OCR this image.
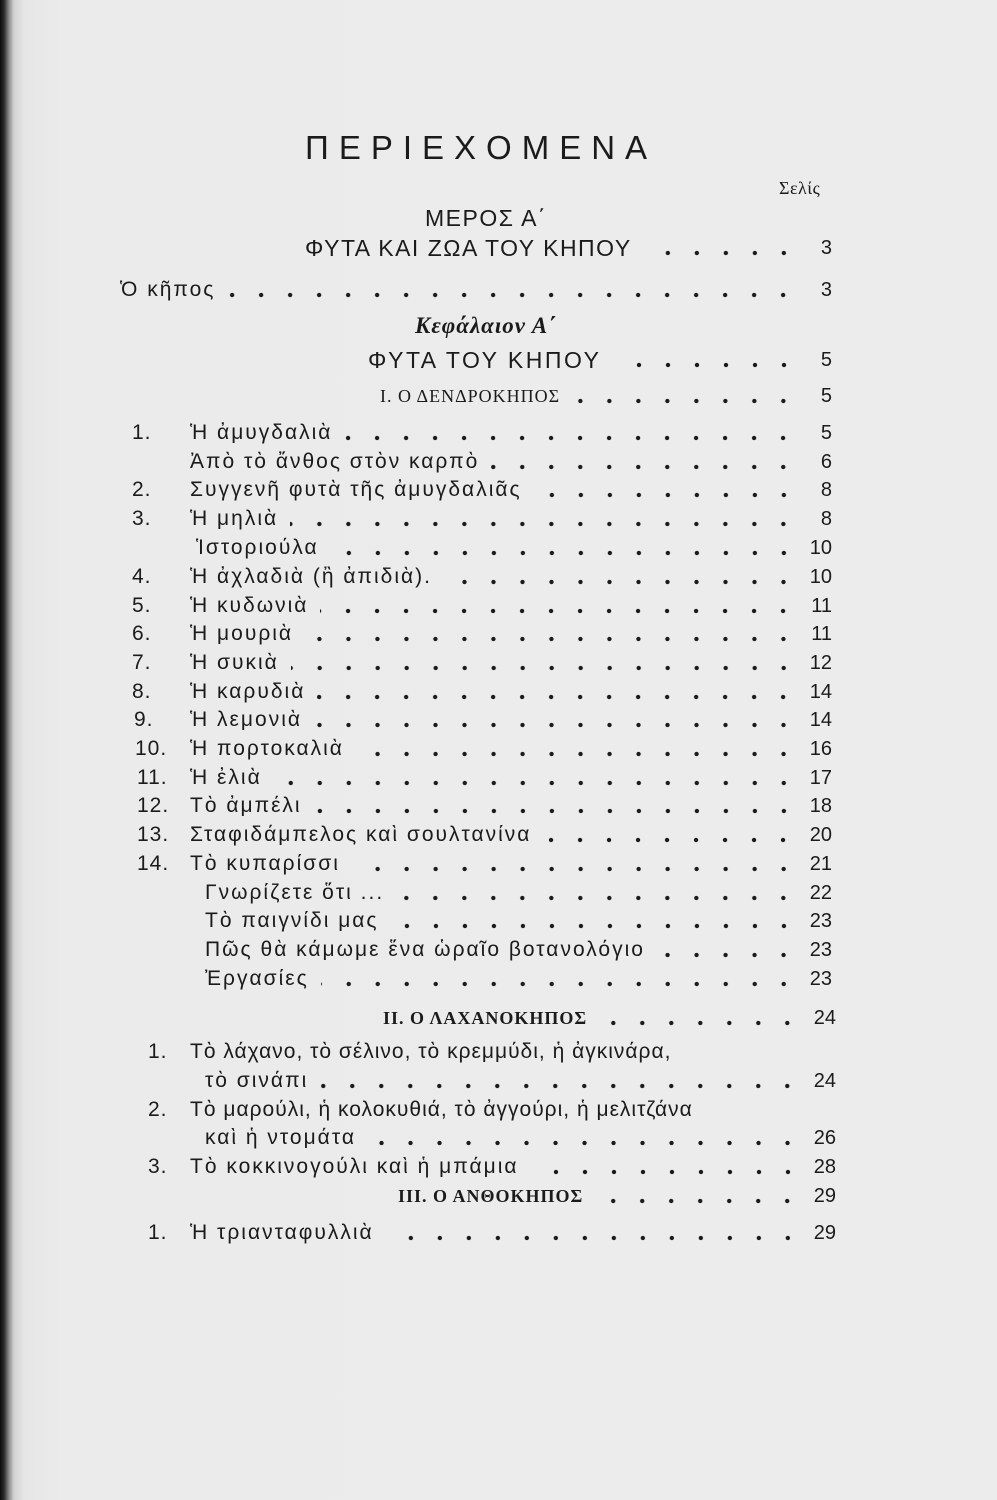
ΠΕΡΙΕΧΟΜΕΝΑ
Σελίς
ΜΕΡΟΣ Α΄
ΦΥΤΑ ΚΑΙ ΖΩΑ ΤΟΥ ΚΗΠΟΥ	3
Ὁ κῆπος	3
Κεφάλαιον Α΄
ΦΥΤΑ ΤΟΥ ΚΗΠΟΥ	5
I. Ο ΔΕΝΔΡΟΚΗΠΟΣ	5
1.	Ἡ ἀμυγδαλιὰ	5
Ἀπὸ τὸ ἄνθος στὸν καρπὸ	6
2.	Συγγενῆ φυτὰ τῆς ἀμυγδαλιᾶς	8
3.	Ἡ μηλιὰ	8
Ἱστοριούλα	10
4.	Ἡ ἀχλαδιὰ (ἢ ἀπιδιὰ).	10
5.	Ἡ κυδωνιὰ	11
6.	Ἡ μουριὰ	11
7.	Ἡ συκιὰ	12
8.	Ἡ καρυδιὰ	14
9.	Ἡ λεμονιὰ	14
10.	Ἡ πορτοκαλιὰ	16
11.	Ἡ ἐλιὰ	17
12. Τὸ ἀμπέλι	18
13. Σταφιδάμπελος καὶ σουλτανίνα	20
14. Τὸ κυπαρίσσι	21
Γνωρίζετε ὅτι ...	22
Τὸ παιγνίδι μας	23
Πῶς θὰ κάμωμε ἕνα ὡραῖο βοτανολόγιο	23
Ἐργασίες	23
II. Ο ΛΑΧΑΝΟΚΗΠΟΣ	24
1.	Τὸ λάχανο, τὸ σέλινο, τὸ κρεμμύδι, ἡ ἀγκινάρα,
τὸ σινάπι	24
2.	Τὸ μαρούλι, ἡ κολοκυθιά, τὸ ἀγγούρι, ἡ μελιτζάνα
καὶ ἡ ντομάτα	26
3.	Τὸ κοκκινογούλι καὶ ἡ μπάμια	28
III. Ο ΑΝΘΟΚΗΠΟΣ	29
1.	Ἡ τριανταφυλλιὰ	29
